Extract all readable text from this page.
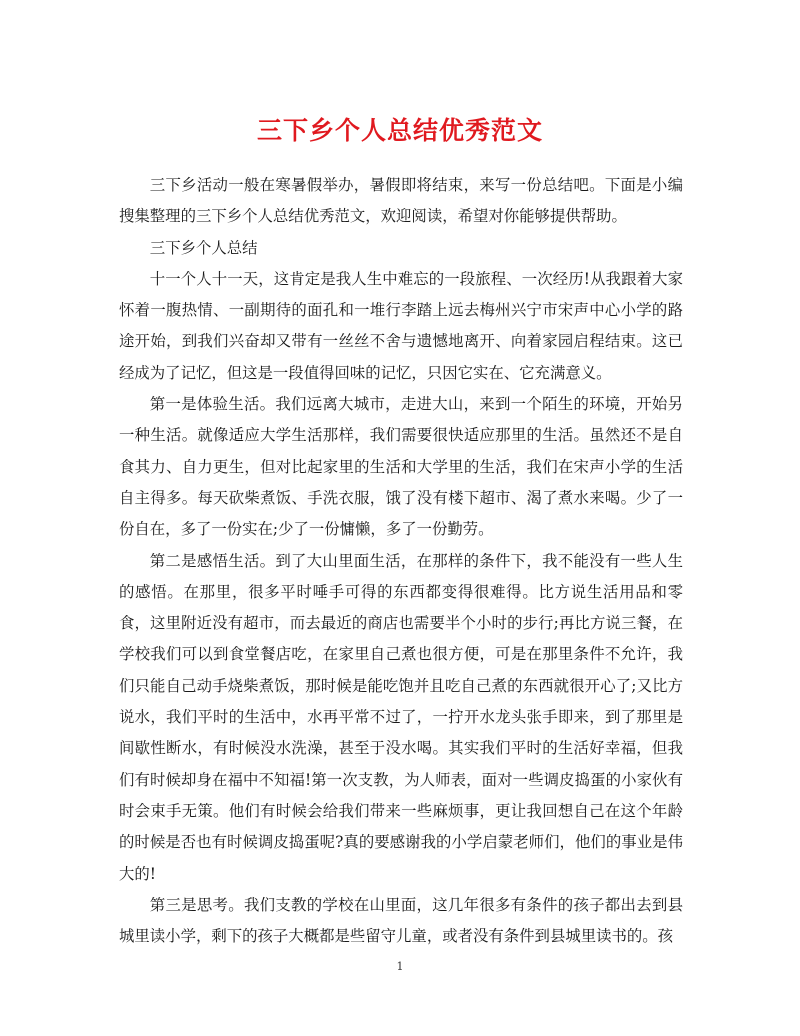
三下乡个人总结优秀范文

三下乡活动一般在寒暑假举办，暑假即将结束，来写一份总结吧。下面是小编搜集整理的三下乡个人总结优秀范文，欢迎阅读，希望对你能够提供帮助。

三下乡个人总结

十一个人十一天，这肯定是我人生中难忘的一段旅程、一次经历!从我跟着大家怀着一腹热情、一副期待的面孔和一堆行李踏上远去梅州兴宁市宋声中心小学的路途开始，到我们兴奋却又带有一丝丝不舍与遗憾地离开、向着家园启程结束。这已经成为了记忆，但这是一段值得回味的记忆，只因它实在、它充满意义。

第一是体验生活。我们远离大城市，走进大山，来到一个陌生的环境，开始另一种生活。就像适应大学生活那样，我们需要很快适应那里的生活。虽然还不是自食其力、自力更生，但对比起家里的生活和大学里的生活，我们在宋声小学的生活自主得多。每天砍柴煮饭、手洗衣服，饿了没有楼下超市、渴了煮水来喝。少了一份自在，多了一份实在;少了一份慵懒，多了一份勤劳。

第二是感悟生活。到了大山里面生活，在那样的条件下，我不能没有一些人生的感悟。在那里，很多平时唾手可得的东西都变得很难得。比方说生活用品和零食，这里附近没有超市，而去最近的商店也需要半个小时的步行;再比方说三餐，在学校我们可以到食堂餐店吃，在家里自己煮也很方便，可是在那里条件不允许，我们只能自己动手烧柴煮饭，那时候是能吃饱并且吃自己煮的东西就很开心了;又比方说水，我们平时的生活中，水再平常不过了，一拧开水龙头张手即来，到了那里是间歇性断水，有时候没水洗澡，甚至于没水喝。其实我们平时的生活好幸福，但我们有时候却身在福中不知福!第一次支教，为人师表，面对一些调皮捣蛋的小家伙有时会束手无策。他们有时候会给我们带来一些麻烦事，更让我回想自己在这个年龄的时候是否也有时候调皮捣蛋呢?真的要感谢我的小学启蒙老师们，他们的事业是伟大的!

第三是思考。我们支教的学校在山里面，这几年很多有条件的孩子都出去到县城里读小学，剩下的孩子大概都是些留守儿童，或者没有条件到县城里读书的。孩

1
